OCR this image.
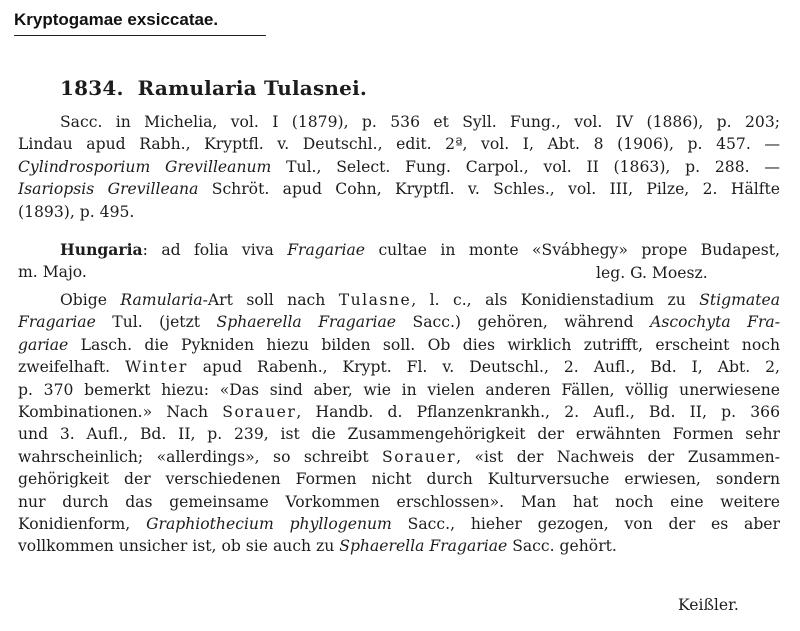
Kryptogamae exsiccatae.
1834. Ramularia Tulasnei.
Sacc. in Michelia, vol. I (1879), p. 536 et Syll. Fung., vol. IV (1886), p. 203;
Lindau apud Rabh., Kryptfl. v. Deutschl., edit. 2ª, vol. I, Abt. 8 (1906), p. 457. —
Cylindrosporium Grevilleanum Tul., Select. Fung. Carpol., vol. II (1863), p. 288. —
Isariopsis Grevilleana Schröt. apud Cohn, Kryptfl. v. Schles., vol. III, Pilze, 2. Hälfte
(1893), p. 495.
Hungaria: ad folia viva Fragariae cultae in monte «Svábhegy» prope Budapest,
m. Majo.	leg. G. Moesz.
Obige Ramularia-Art soll nach Tulasne, l. c., als Konidienstadium zu Stigmatea
Fragariae Tul. (jetzt Sphaerella Fragariae Sacc.) gehören, während Ascochyta Fra-
gariae Lasch. die Pykniden hiezu bilden soll. Ob dies wirklich zutrifft, erscheint noch
zweifelhaft. Winter apud Rabenh., Krypt. Fl. v. Deutschl., 2. Aufl., Bd. I, Abt. 2,
p. 370 bemerkt hiezu: «Das sind aber, wie in vielen anderen Fällen, völlig unerwiesene
Kombinationen.» Nach Sorauer, Handb. d. Pflanzenkrankh., 2. Aufl., Bd. II, p. 366
und 3. Aufl., Bd. II, p. 239, ist die Zusammengehörigkeit der erwähnten Formen sehr
wahrscheinlich; «allerdings», so schreibt Sorauer, «ist der Nachweis der Zusammen-
gehörigkeit der verschiedenen Formen nicht durch Kulturversuche erwiesen, sondern
nur durch das gemeinsame Vorkommen erschlossen». Man hat noch eine weitere
Konidienform, Graphiothecium phyllogenum Sacc., hieher gezogen, von der es aber
vollkommen unsicher ist, ob sie auch zu Sphaerella Fragariae Sacc. gehört.
Keißler.
